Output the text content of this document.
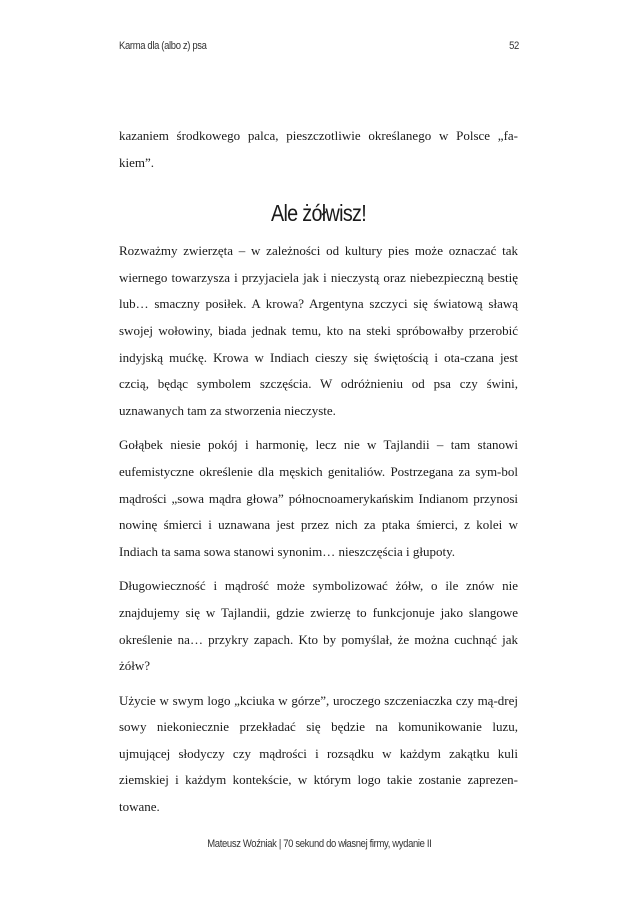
Karma dla (albo z) psa	52

kazaniem środkowego palca, pieszczotliwie określanego w Polsce „fa-kiem”.

Ale żółwisz!

Rozważmy zwierzęta – w zależności od kultury pies może oznaczać tak wiernego towarzysza i przyjaciela jak i nieczystą oraz niebezpieczną bestię lub… smaczny posiłek. A krowa? Argentyna szczyci się światową sławą swojej wołowiny, biada jednak temu, kto na steki spróbowałby przerobić indyjską mućkę. Krowa w Indiach cieszy się świętością i ota-czana jest czcią, będąc symbolem szczęścia. W odróżnieniu od psa czy świni, uznawanych tam za stworzenia nieczyste.

Gołąbek niesie pokój i harmonię, lecz nie w Tajlandii – tam stanowi eufemistyczne określenie dla męskich genitaliów. Postrzegana za sym-bol mądrości „sowa mądra głowa” północnoamerykańskim Indianom przynosi nowinę śmierci i uznawana jest przez nich za ptaka śmierci, z kolei w Indiach ta sama sowa stanowi synonim… nieszczęścia i głupoty.

Długowieczność i mądrość może symbolizować żółw, o ile znów nie znajdujemy się w Tajlandii, gdzie zwierzę to funkcjonuje jako slangowe określenie na… przykry zapach. Kto by pomyślał, że można cuchnąć jak żółw?

Użycie w swym logo „kciuka w górze”, uroczego szczeniaczka czy mą-drej sowy niekoniecznie przekładać się będzie na komunikowanie luzu, ujmującej słodyczy czy mądrości i rozsądku w każdym zakątku kuli ziemskiej i każdym kontekście, w którym logo takie zostanie zaprezen-towane.

Mateusz Woźniak | 70 sekund do własnej firmy, wydanie II
